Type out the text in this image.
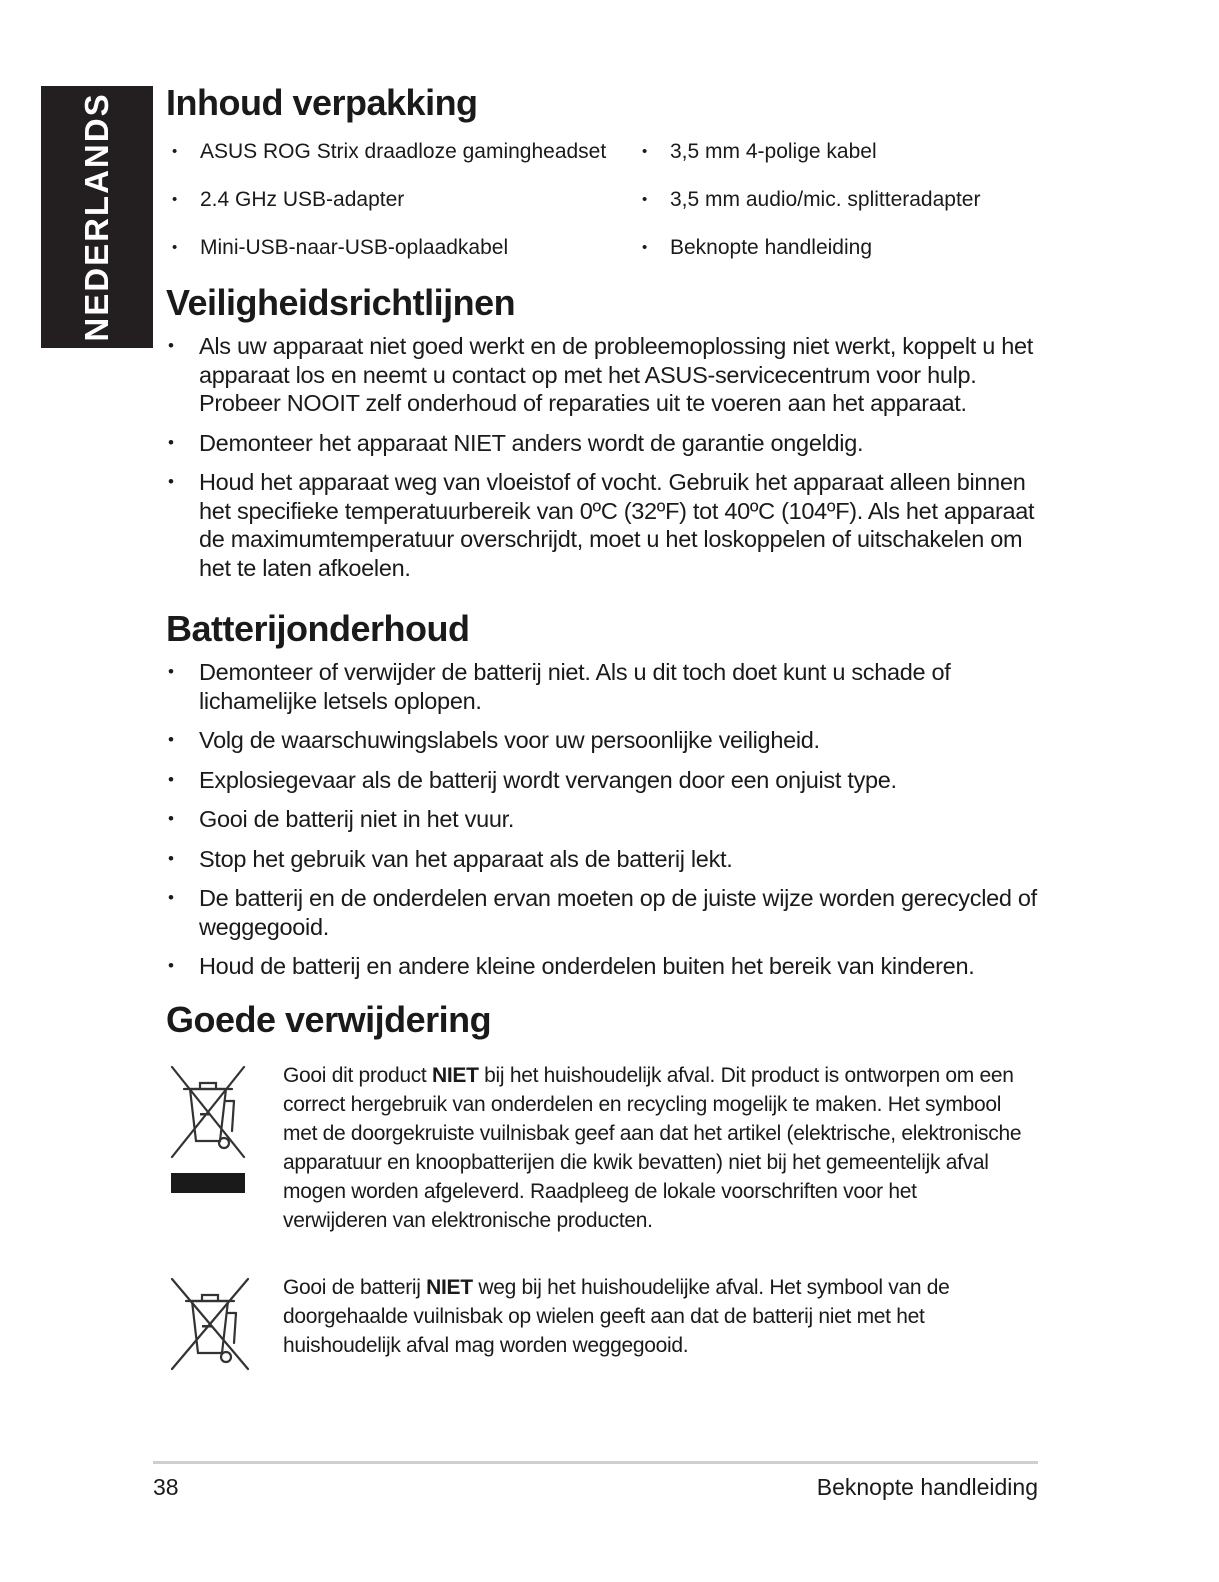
NEDERLANDS Inhoud verpakking
• ASUS ROG Strix draadloze gamingheadset	• 3,5 mm 4-polige kabel
• 2.4 GHz USB-adapter	• 3,5 mm audio/mic. splitteradapter
• Mini-USB-naar-USB-oplaadkabel	• Beknopte handleiding
Veiligheidsrichtlijnen
• Als uw apparaat niet goed werkt en de probleemoplossing niet werkt, koppelt u het apparaat los en neemt u contact op met het ASUS-servicecentrum voor hulp. Probeer NOOIT zelf onderhoud of reparaties uit te voeren aan het apparaat.
• Demonteer het apparaat NIET anders wordt de garantie ongeldig.
• Houd het apparaat weg van vloeistof of vocht. Gebruik het apparaat alleen binnen het specifieke temperatuurbereik van 0ºC (32ºF) tot 40ºC (104ºF). Als het apparaat de maximumtemperatuur overschrijdt, moet u het loskoppelen of uitschakelen om het te laten afkoelen.
Batterijonderhoud
• Demonteer of verwijder de batterij niet. Als u dit toch doet kunt u schade of lichamelijke letsels oplopen.
• Volg de waarschuwingslabels voor uw persoonlijke veiligheid.
• Explosiegevaar als de batterij wordt vervangen door een onjuist type.
• Gooi de batterij niet in het vuur.
• Stop het gebruik van het apparaat als de batterij lekt.
• De batterij en de onderdelen ervan moeten op de juiste wijze worden gerecycled of weggegooid.
• Houd de batterij en andere kleine onderdelen buiten het bereik van kinderen.
Goede verwijdering

Gooi dit product NIET bij het huishoudelijk afval. Dit product is ontworpen om een correct hergebruik van onderdelen en recycling mogelijk te maken. Het symbool met de doorgekruiste vuilnisbak geef aan dat het artikel (elektrische, elektronische apparatuur en knoopbatterijen die kwik bevatten) niet bij het gemeentelijk afval mogen worden afgeleverd. Raadpleeg de lokale voorschriften voor het verwijderen van elektronische producten.

Gooi de batterij NIET weg bij het huishoudelijke afval. Het symbool van de doorgehaalde vuilnisbak op wielen geeft aan dat de batterij niet met het huishoudelijk afval mag worden weggegooid.

38	Beknopte handleiding
